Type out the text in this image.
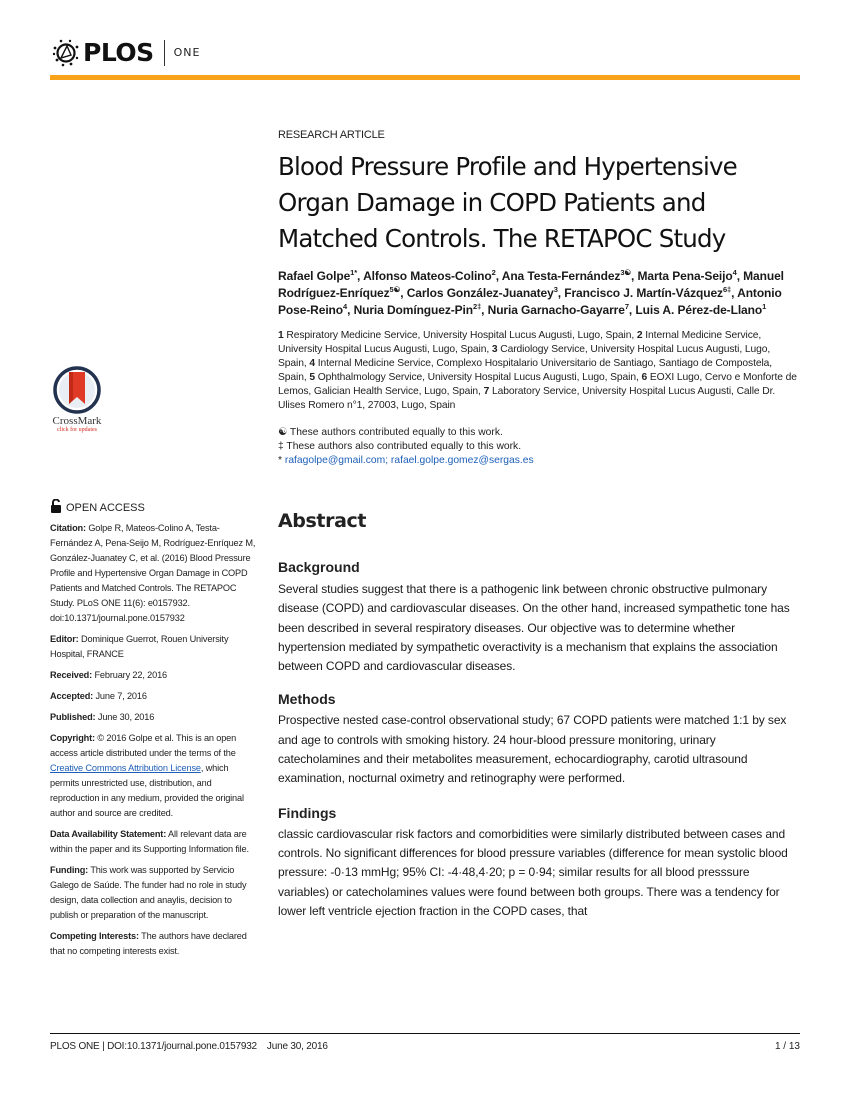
PLOS ONE
CrossMark
click for updates
OPEN ACCESS

Citation: Golpe R, Mateos-Colino A, Testa-Fernández A, Pena-Seijo M, Rodríguez-Enríquez M, González-Juanatey C, et al. (2016) Blood Pressure Profile and Hypertensive Organ Damage in COPD Patients and Matched Controls. The RETAPOC Study. PLoS ONE 11(6): e0157932. doi:10.1371/journal.pone.0157932

Editor: Dominique Guerrot, Rouen University Hospital, FRANCE

Received: February 22, 2016

Accepted: June 7, 2016

Published: June 30, 2016

Copyright: © 2016 Golpe et al. This is an open access article distributed under the terms of the Creative Commons Attribution License, which permits unrestricted use, distribution, and reproduction in any medium, provided the original author and source are credited.

Data Availability Statement: All relevant data are within the paper and its Supporting Information file.

Funding: This work was supported by Servicio Galego de Saúde. The funder had no role in study design, data collection and anaylis, decision to publish or preparation of the manuscript.

Competing Interests: The authors have declared that no competing interests exist.

RESEARCH ARTICLE
Blood Pressure Profile and Hypertensive Organ Damage in COPD Patients and Matched Controls. The RETAPOC Study
Rafael Golpe$^{1*}$, Alfonso Mateos-Colino$^2$, Ana Testa-Fernández$^{3☯}$, Marta Pena-Seijo$^4$, Manuel Rodríguez-Enríquez$^{5☯}$, Carlos González-Juanatey$^3$, Francisco J. Martín-Vázquez$^{6\ddagger}$, Antonio Pose-Reino$^4$, Nuria Domínguez-Pin$^{2\ddagger}$, Nuria Garnacho-Gayarre$^7$, Luis A. Pérez-de-Llano$^1$
1 Respiratory Medicine Service, University Hospital Lucus Augusti, Lugo, Spain, 2 Internal Medicine Service, University Hospital Lucus Augusti, Lugo, Spain, 3 Cardiology Service, University Hospital Lucus Augusti, Lugo, Spain, 4 Internal Medicine Service, Complexo Hospitalario Universitario de Santiago, Santiago de Compostela, Spain, 5 Ophthalmology Service, University Hospital Lucus Augusti, Lugo, Spain, 6 EOXI Lugo, Cervo e Monforte de Lemos, Galician Health Service, Lugo, Spain, 7 Laboratory Service, University Hospital Lucus Augusti, Calle Dr. Ulises Romero n°1, 27003, Lugo, Spain
☯ These authors contributed equally to this work.
‡ These authors also contributed equally to this work.
* rafagolpe@gmail.com; rafael.golpe.gomez@sergas.es
Abstract
Background

Several studies suggest that there is a pathogenic link between chronic obstructive pulmonary disease (COPD) and cardiovascular diseases. On the other hand, increased sympathetic tone has been described in several respiratory diseases. Our objective was to determine whether hypertension mediated by sympathetic overactivity is a mechanism that explains the association between COPD and cardiovascular diseases.

Methods

Prospective nested case-control observational study; 67 COPD patients were matched 1:1 by sex and age to controls with smoking history. 24 hour-blood pressure monitoring, urinary catecholamines and their metabolites measurement, echocardiography, carotid ultrasound examination, nocturnal oximetry and retinography were performed.

Findings

classic cardiovascular risk factors and comorbidities were similarly distributed between cases and controls. No significant differences for blood pressure variables (difference for mean systolic blood pressure: -0·13 mmHg; 95% CI: -4·48,4·20; p = 0·94; similar results for all blood presssure variables) or catecholamines values were found between both groups. There was a tendency for lower left ventricle ejection fraction in the COPD cases, that

PLOS ONE | DOI:10.1371/journal.pone.0157932 June 30, 2016	1 / 13
